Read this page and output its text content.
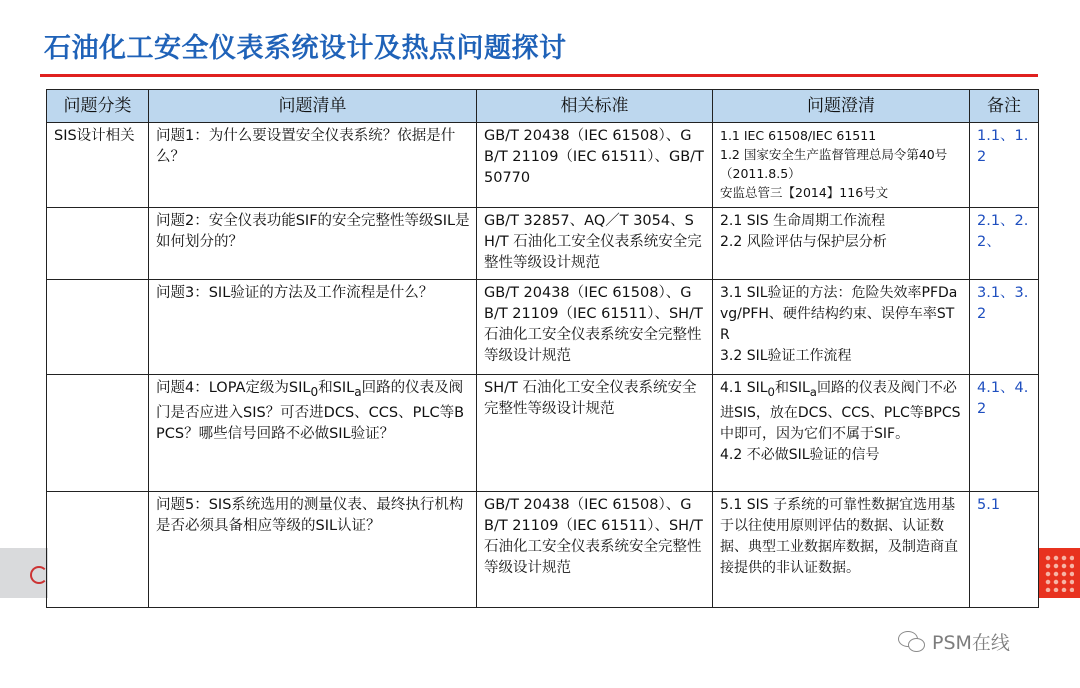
石油化工安全仪表系统设计及热点问题探讨
问题分类	问题清单	相关标准	问题澄清	备注
SIS设计相关	问题1：为什么要设置安全仪表系统？依据是什么？	GB/T 20438（IEC 61508）、GB/T 21109（IEC 61511）、GB/T 50770	1.1 IEC 61508/IEC 61511
1.2 国家安全生产监督管理总局令第40号 （2011.8.5）
安监总管三【2014】116号文	1.1、1.2
	问题2：安全仪表功能SIF的安全完整性等级SIL是如何划分的？	GB/T 32857、AQ／T 3054、SH/T 石油化工安全仪表系统安全完整性等级设计规范	2.1 SIS 生命周期工作流程
2.2 风险评估与保护层分析	2.1、2.2、
	问题3：SIL验证的方法及工作流程是什么？	GB/T 20438（IEC 61508）、GB/T 21109（IEC 61511）、SH/T 石油化工安全仪表系统安全完整性等级设计规范	3.1 SIL验证的方法：危险失效率PFDavg/PFH、硬件结构约束、误停车率STR
3.2 SIL验证工作流程	3.1、3.2
	问题4：LOPA定级为$SIL_0$和$SIL_a$回路的仪表及阀门是否应进入SIS？可否进DCS、CCS、PLC等BPCS？哪些信号回路不必做SIL验证？	SH/T 石油化工安全仪表系统安全完整性等级设计规范	4.1 $SIL_0$和$SIL_a$回路的仪表及阀门不必进SIS，放在DCS、CCS、PLC等BPCS中即可，因为它们不属于SIF。
4.2 不必做SIL验证的信号	4.1、4.2
	问题5：SIS系统选用的测量仪表、最终执行机构是否必须具备相应等级的SIL认证？	GB/T 20438（IEC 61508）、GB/T 21109（IEC 61511）、SH/T 石油化工安全仪表系统安全完整性等级设计规范	5.1 SIS 子系统的可靠性数据宜选用基于以往使用原则评估的数据、认证数据、典型工业数据库数据，及制造商直接提供的非认证数据。	5.1
PSM在线
